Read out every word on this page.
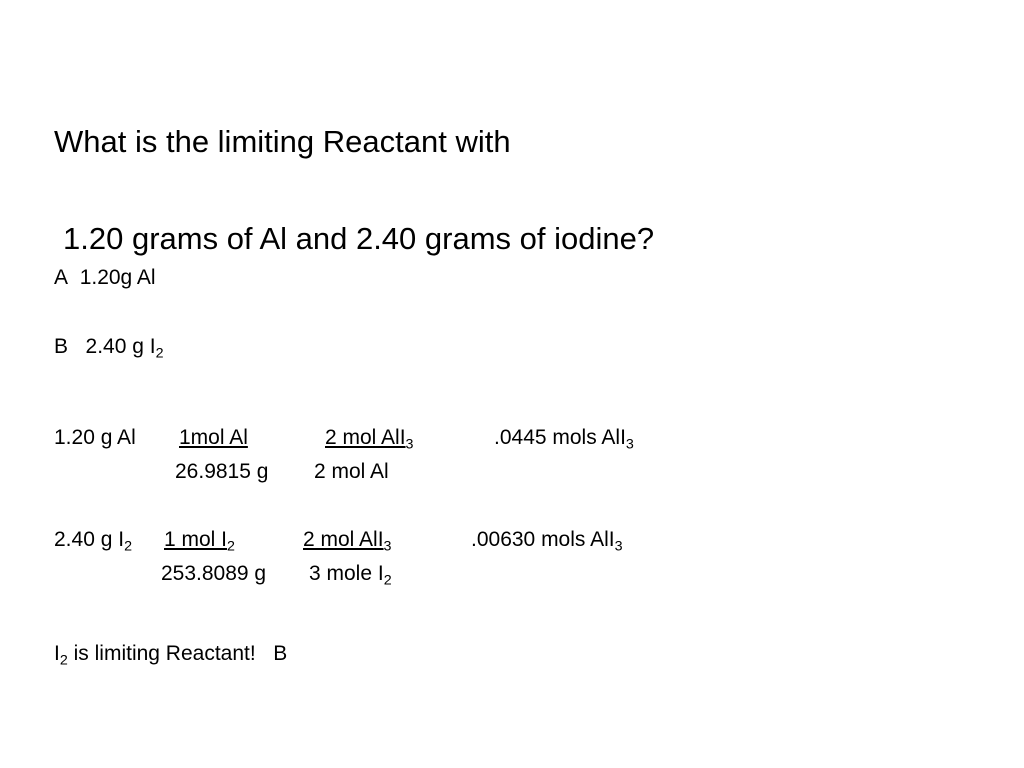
What is the limiting Reactant with
1.20 grams of Al and 2.40 grams of iodine?
A 1.20g Al
B 2.40 g $I_2$
1.20 g Al 1mol Al
26.9815 g
2 mol AlI$_3$
2 mol Al
.0445 mols AlI$_3$
2.40 g $I_2$ 1 mol $I_2$
253.8089 g
2 mol AlI$_3$
3 mole $I_2$
.00630 mols AlI$_3$
$I_2$ is limiting Reactant! B
